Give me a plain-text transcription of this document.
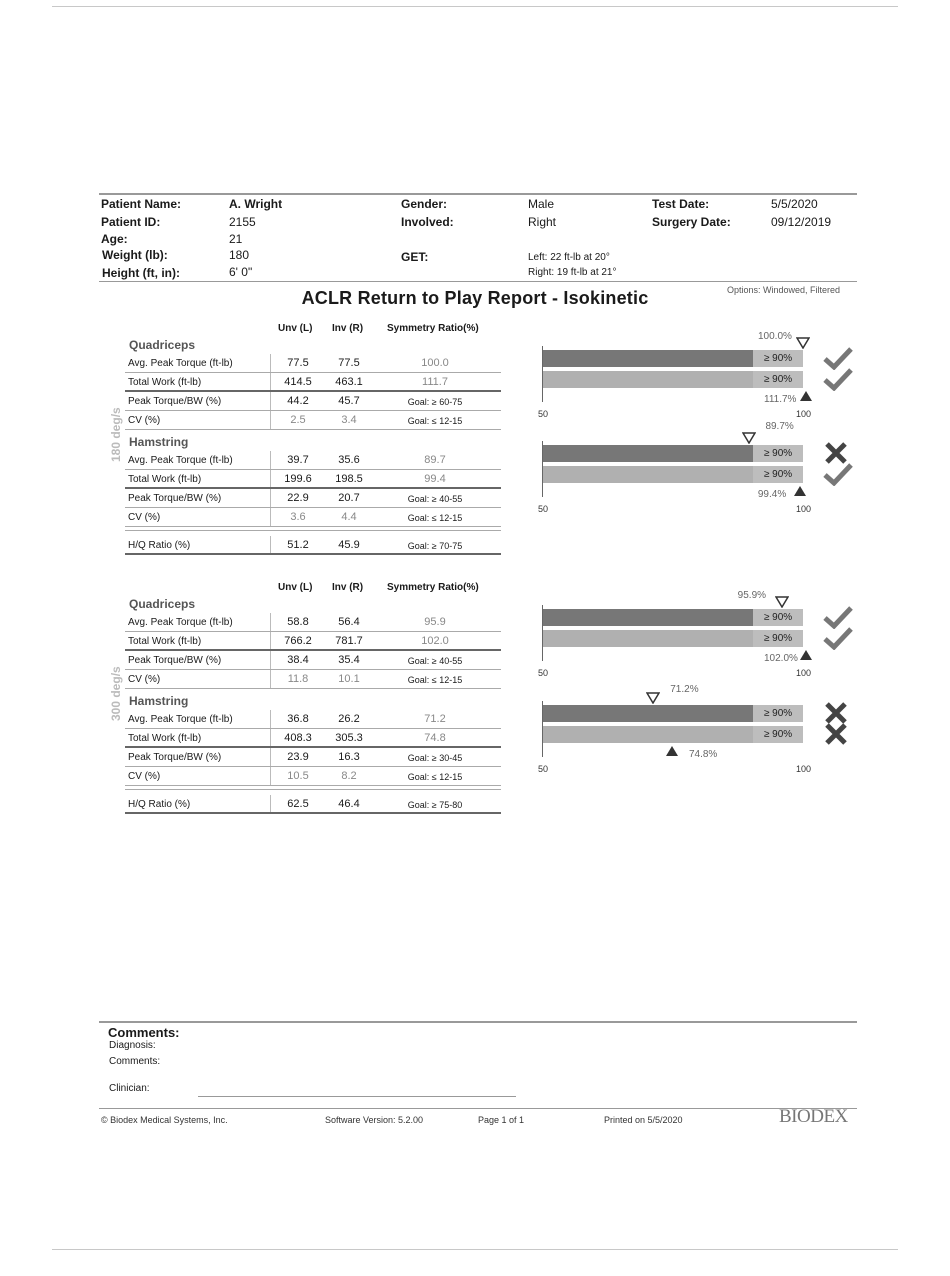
Patient Name:	A. Wright
Patient ID:	2155
Age:	21
Weight (lb):	180
Height (ft, in):	6' 0"
Gender:	Male
Involved:	Right
GET:	Left: 22 ft-lb at 20°
Right: 19 ft-lb at 21°
Test Date:	5/5/2020
Surgery Date:	09/12/2019
ACLR Return to Play Report - Isokinetic	Options: Windowed, Filtered
Unv (L) Inv (R) Symmetry Ratio(%)
180 deg/s
Quadriceps
Avg. Peak Torque (ft-lb)	77.5	77.5	100.0
Total Work (ft-lb)	414.5	463.1	111.7
Peak Torque/BW (%)	44.2	45.7	Goal: ≥ 60-75
CV (%)	2.5	3.4	Goal: ≤ 12-15
Hamstring
Avg. Peak Torque (ft-lb)	39.7	35.6	89.7
Total Work (ft-lb)	199.6	198.5	99.4
Peak Torque/BW (%)	22.9	20.7	Goal: ≥ 40-55
CV (%)	3.6	4.4	Goal: ≤ 12-15
H/Q Ratio (%)	51.2	45.9	Goal: ≥ 70-75
Unv (L) Inv (R) Symmetry Ratio(%)
300 deg/s
Quadriceps
Avg. Peak Torque (ft-lb)	58.8	56.4	95.9
Total Work (ft-lb)	766.2	781.7	102.0
Peak Torque/BW (%)	38.4	35.4	Goal: ≥ 40-55
CV (%)	11.8	10.1	Goal: ≤ 12-15
Hamstring
Avg. Peak Torque (ft-lb)	36.8	26.2	71.2
Total Work (ft-lb)	408.3	305.3	74.8
Peak Torque/BW (%)	23.9	16.3	Goal: ≥ 30-45
CV (%)	10.5	8.2	Goal: ≤ 12-15
H/Q Ratio (%)	62.5	46.4	Goal: ≥ 75-80
≥ 90%
≥ 90%
100.0%
111.7%
50	100
≥ 90%
≥ 90%
89.7%
99.4%
50	100
≥ 90%
≥ 90%
95.9%
102.0%
50	100
≥ 90%
≥ 90%
71.2%
74.8%
50	100
Comments:
Diagnosis:
Comments:
Clinician:
© Biodex Medical Systems, Inc.	Software Version: 5.2.00	Page 1 of 1	Printed on 5/5/2020	BIODEX
